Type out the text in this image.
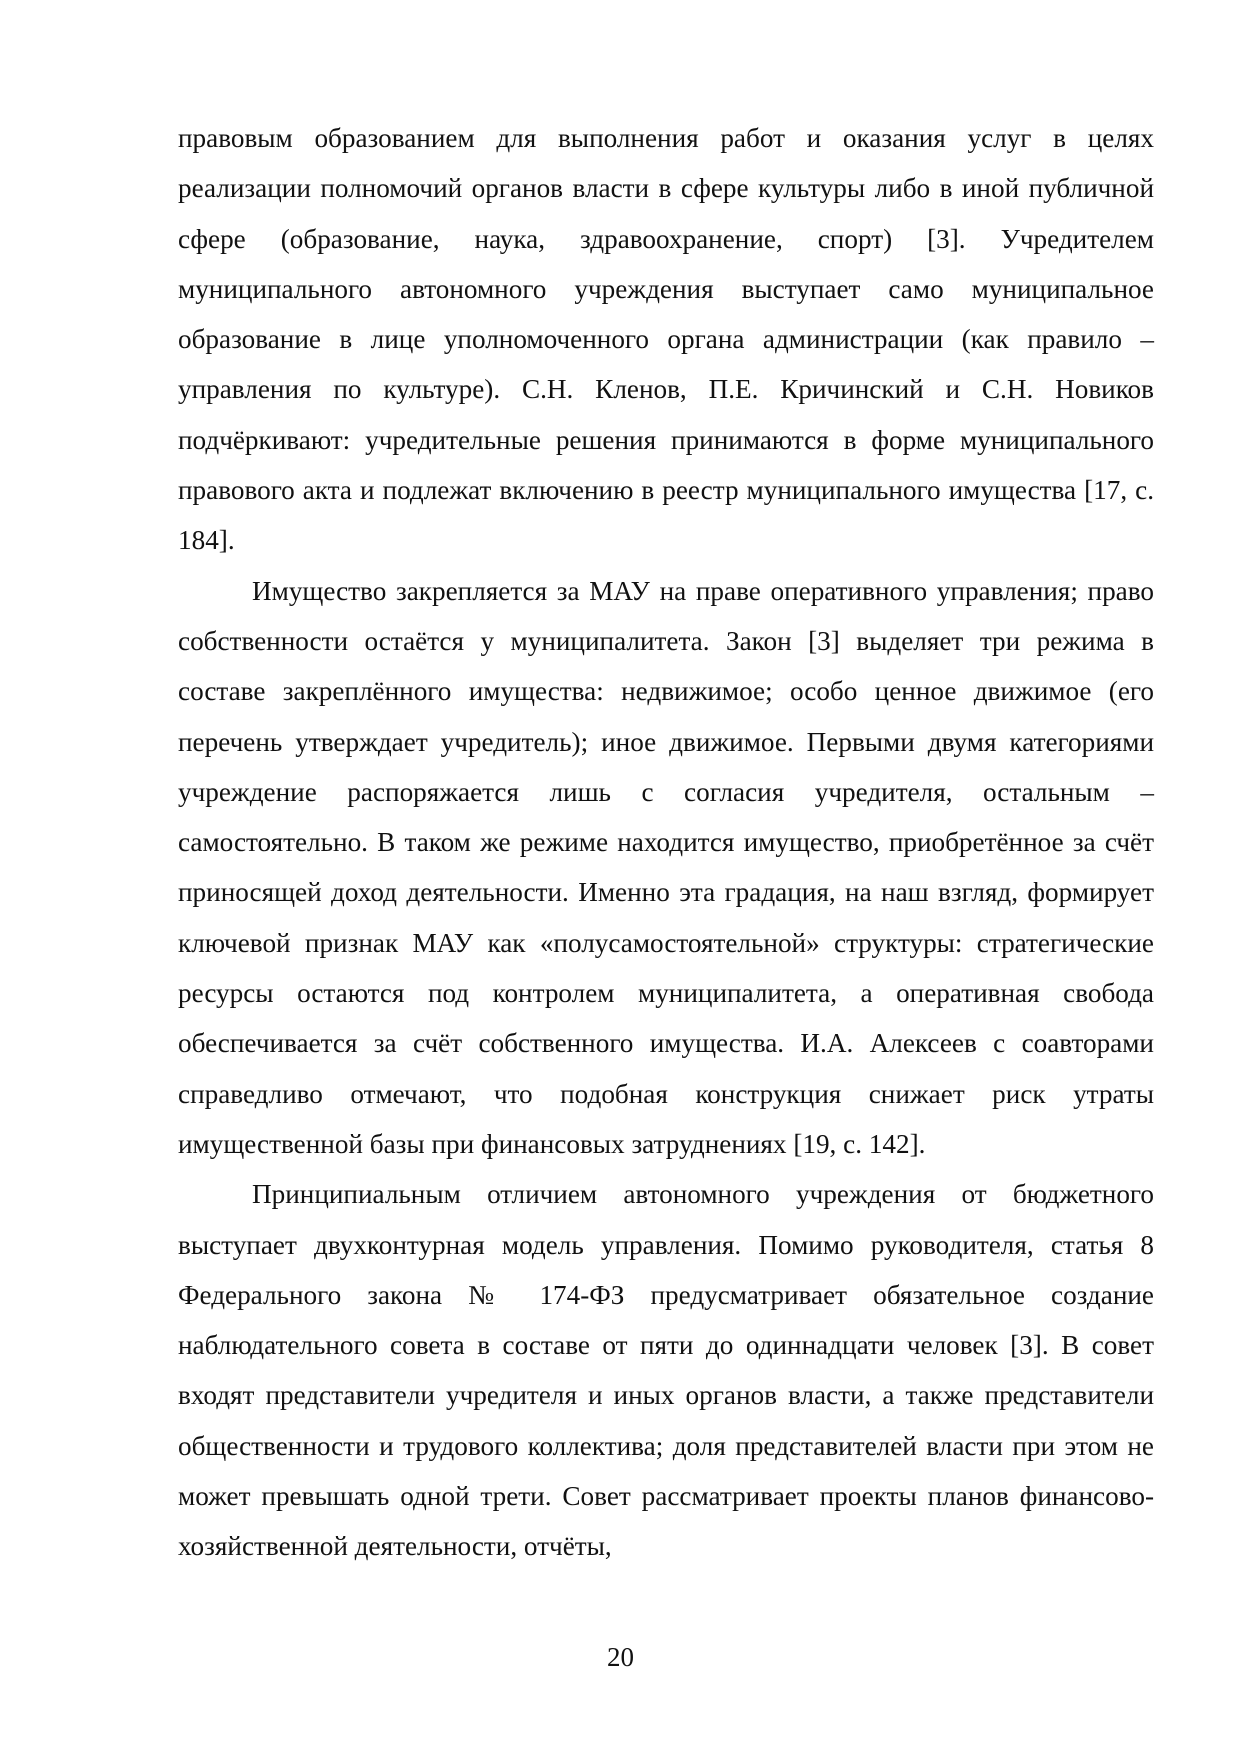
правовым образованием для выполнения работ и оказания услуг в целях реализации полномочий органов власти в сфере культуры либо в иной публичной сфере (образование, наука, здравоохранение, спорт) [3]. Учредителем муниципального автономного учреждения выступает само муниципальное образование в лице уполномоченного органа администрации (как правило – управления по культуре). С.Н. Кленов, П.Е. Кричинский и С.Н. Новиков подчёркивают: учредительные решения принимаются в форме муниципального правового акта и подлежат включению в реестр муниципального имущества [17, с. 184].

Имущество закрепляется за МАУ на праве оперативного управления; право собственности остаётся у муниципалитета. Закон [3] выделяет три режима в составе закреплённого имущества: недвижимое; особо ценное движимое (его перечень утверждает учредитель); иное движимое. Первыми двумя категориями учреждение распоряжается лишь с согласия учредителя, остальным – самостоятельно. В таком же режиме находится имущество, приобретённое за счёт приносящей доход деятельности. Именно эта градация, на наш взгляд, формирует ключевой признак МАУ как «полусамостоятельной» структуры: стратегические ресурсы остаются под контролем муниципалитета, а оперативная свобода обеспечивается за счёт собственного имущества. И.А. Алексеев с соавторами справедливо отмечают, что подобная конструкция снижает риск утраты имущественной базы при финансовых затруднениях [19, с. 142].

Принципиальным отличием автономного учреждения от бюджетного выступает двухконтурная модель управления. Помимо руководителя, статья 8 Федерального закона № 174-ФЗ предусматривает обязательное создание наблюдательного совета в составе от пяти до одиннадцати человек [3]. В совет входят представители учредителя и иных органов власти, а также представители общественности и трудового коллектива; доля представителей власти при этом не может превышать одной трети. Совет рассматривает проекты планов финансово-хозяйственной деятельности, отчёты,

20
